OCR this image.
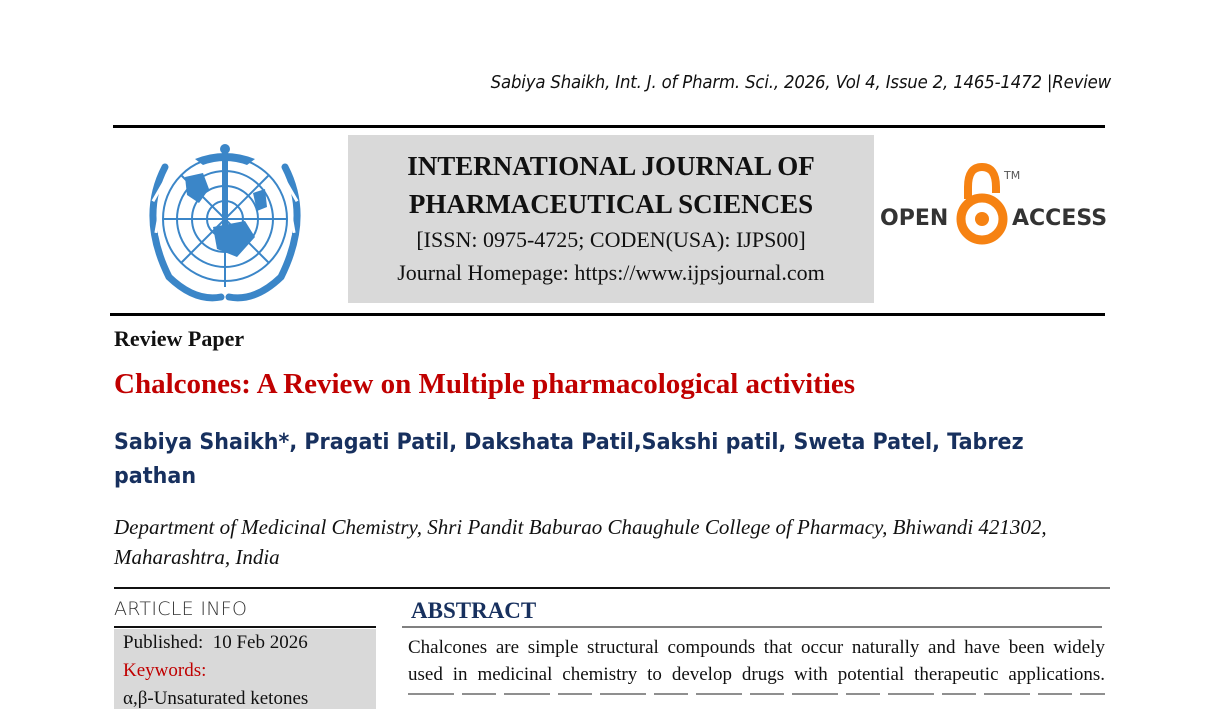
Sabiya Shaikh, Int. J. of Pharm. Sci., 2026, Vol 4, Issue 2, 1465-1472 |Review
INTERNATIONAL JOURNAL OF
PHARMACEUTICAL SCIENCES
[ISSN: 0975-4725; CODEN(USA): IJPS00]
Journal Homepage: https://www.ijpsjournal.com
OPEN
TM
ACCESS
Review Paper
Chalcones: A Review on Multiple pharmacological activities
Sabiya Shaikh*, Pragati Patil, Dakshata Patil,Sakshi patil, Sweta Patel, Tabrez pathan
Department of Medicinal Chemistry, Shri Pandit Baburao Chaughule College of Pharmacy, Bhiwandi 421302, Maharashtra, India
ARTICLE INFO
Published: 10 Feb 2026
Keywords:
α,β-Unsaturated ketones
ABSTRACT
Chalcones are simple structural compounds that occur naturally and have been widely
used in medicinal chemistry to develop drugs with potential therapeutic applications.
